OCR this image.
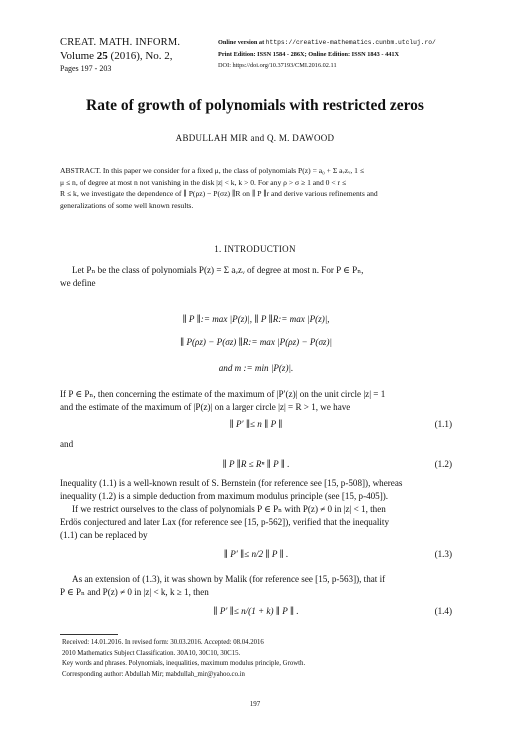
CREAT. MATH. INFORM.
Volume 25 (2016), No. 2,
Pages 197 - 203
Online version at https://creative-mathematics.cunbm.utcluj.ro/
Print Edition: ISSN 1584 - 286X; Online Edition: ISSN 1843 - 441X
DOI: https://doi.org/10.37193/CMI.2016.02.11
Rate of growth of polynomials with restricted zeros
ABDULLAH MIR and Q. M. DAWOOD
ABSTRACT. In this paper we consider for a fixed μ, the class of polynomials P(z) = a₀ + Σ aᵥzᵥ, 1 ≤
μ ≤ n, of degree at most n not vanishing in the disk |z| < k, k > 0. For any ρ > σ ≥ 1 and 0 < r ≤
R ≤ k, we investigate the dependence of ∥ P(ρz) − P(σz) ∥R on ∥ P ∥r and derive various refinements and
generalizations of some well known results.
1. INTRODUCTION
Let Pₙ be the class of polynomials P(z) = Σ aᵥzᵥ of degree at most n. For P ∈ Pₙ,
we define
∥ P ∥:= max |P(z)|, ∥ P ∥R:= max |P(z)|,
∥ P(ρz) − P(σz) ∥R:= max |P(ρz) − P(σz)|
and m := min |P(z)|.
If P ∈ Pₙ, then concerning the estimate of the maximum of |P′(z)| on the unit circle |z| = 1
and the estimate of the maximum of |P(z)| on a larger circle |z| = R > 1, we have
∥ P′ ∥≤ n ∥ P ∥	(1.1)
and
∥ P ∥R ≤ Rⁿ ∥ P ∥ .	(1.2)
Inequality (1.1) is a well-known result of S. Bernstein (for reference see [15, p-508]), whereas
inequality (1.2) is a simple deduction from maximum modulus principle (see [15, p-405]).
If we restrict ourselves to the class of polynomials P ∈ Pₙ with P(z) ≠ 0 in |z| < 1, then
Erdös conjectured and later Lax (for reference see [15, p-562]), verified that the inequality
(1.1) can be replaced by
∥ P′ ∥≤ n/2 ∥ P ∥ .	(1.3)
As an extension of (1.3), it was shown by Malik (for reference see [15, p-563]), that if
P ∈ Pₙ and P(z) ≠ 0 in |z| < k, k ≥ 1, then
∥ P′ ∥≤ n/(1 + k) ∥ P ∥ .	(1.4)
Received: 14.01.2016. In revised form: 30.03.2016. Accepted: 08.04.2016
2010 Mathematics Subject Classification. 30A10, 30C10, 30C15.
Key words and phrases. Polynomials, inequalities, maximum modulus principle, Growth.
Corresponding author: Abdullah Mir; mabdullah_mir@yahoo.co.in
197
